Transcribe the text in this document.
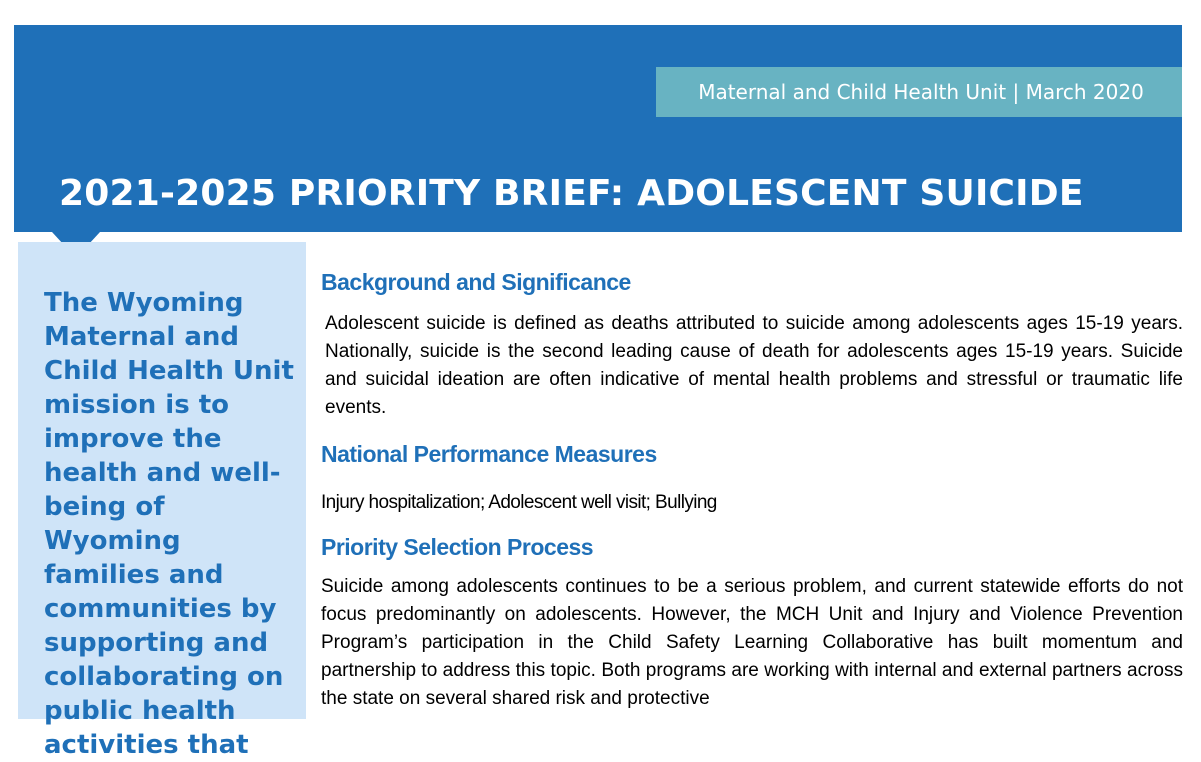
Maternal and Child Health Unit | March 2020
2021-2025 PRIORITY BRIEF: ADOLESCENT SUICIDE

The Wyoming Maternal and Child Health Unit mission is to improve the health and well-being of Wyoming families and communities by supporting and collaborating on public health activities that

Background and Significance

Adolescent suicide is defined as deaths attributed to suicide among adolescents ages 15-19 years. Nationally, suicide is the second leading cause of death for adolescents ages 15-19 years. Suicide and suicidal ideation are often indicative of mental health problems and stressful or traumatic life events.

National Performance Measures

Injury hospitalization; Adolescent well visit; Bullying

Priority Selection Process

Suicide among adolescents continues to be a serious problem, and current statewide efforts do not focus predominantly on adolescents. However, the MCH Unit and Injury and Violence Prevention Program’s participation in the Child Safety Learning Collaborative has built momentum and partnership to address this topic. Both programs are working with internal and external partners across the state on several shared risk and protective
